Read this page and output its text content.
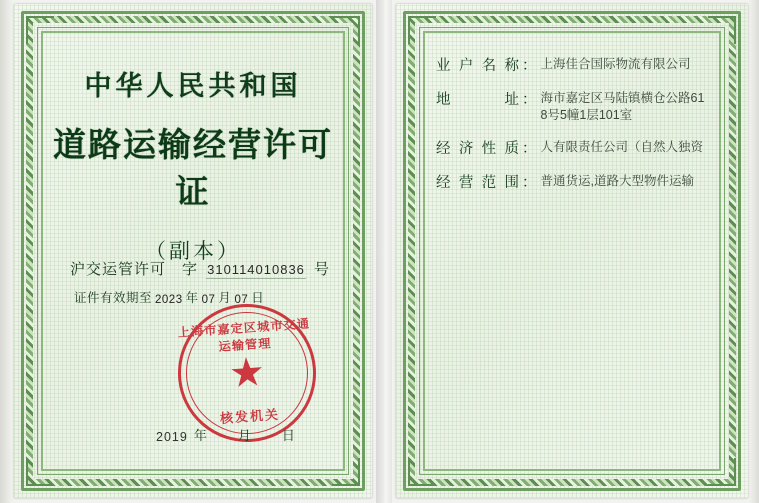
中华人民共和国
道路运输经营许可证
（副本）
沪交运管许可 字 310114010836 号
证件有效期至 2023 年 07 月 07 日
上海市嘉定区城市交通运输管理
核发机关
2019 年 月 日
业户名称 ： 上海佳合国际物流有限公司
地址 ： 海市嘉定区马陆镇横仓公路618号5幢1层101室
经济性质 ： 人有限责任公司（自然人独资
经营范围 ： 普通货运,道路大型物件运输
